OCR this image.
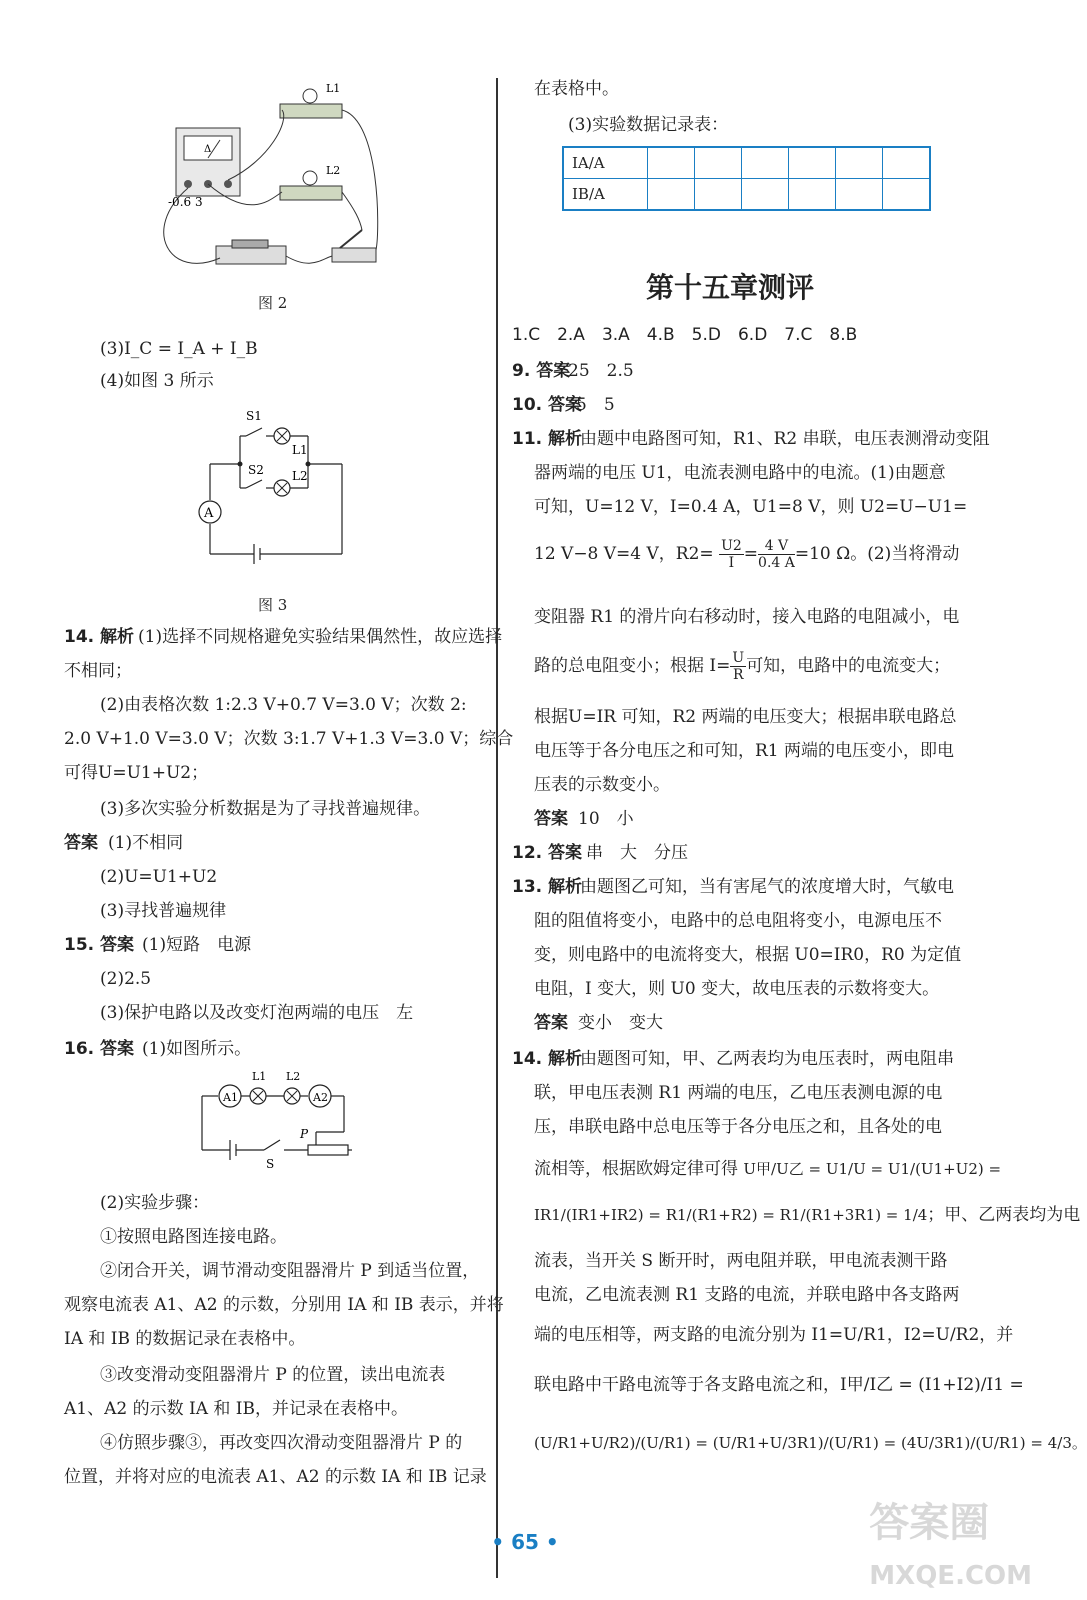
L1
L2
Δ
-0.6 3
图 2
(3)I_C = I_A + I_B
(4)如图 3 所示
S1
S2
L1
L2
A
图 3
14. 解析 (1)选择不同规格避免实验结果偶然性，故应选择
不相同；
(2)由表格次数 1:2.3 V+0.7 V=3.0 V；次数 2:
2.0 V+1.0 V=3.0 V；次数 3:1.7 V+1.3 V=3.0 V；综合
可得U=U1+U2；
(3)多次实验分析数据是为了寻找普遍规律。
答案 (1)不相同
(2)U=U1+U2
(3)寻找普遍规律
15. 答案 (1)短路　电源
(2)2.5
(3)保护电路以及改变灯泡两端的电压　左
16. 答案 (1)如图所示。
A1	A2
L1 L2
P
S
(2)实验步骤：
①按照电路图连接电路。
②闭合开关，调节滑动变阻器滑片 P 到适当位置，
观察电流表 A1、A2 的示数，分别用 IA 和 IB 表示，并将
IA 和 IB 的数据记录在表格中。
③改变滑动变阻器滑片 P 的位置，读出电流表
A1、A2 的示数 IA 和 IB，并记录在表格中。
④仿照步骤③，再改变四次滑动变阻器滑片 P 的
位置，并将对应的电流表 A1、A2 的示数 IA 和 IB 记录
在表格中。
(3)实验数据记录表：
IA/A						
IB/A						
第十五章测评
1.C　2.A　3.A　4.B　5.D　6.D　7.C　8.B
9. 答案
25　2.5
10. 答案
5　5
11. 解析
由题中电路图可知，R1、R2 串联，电压表测滑动变阻
器两端的电压 U1，电流表测电路中的电流。(1)由题意
可知，U=12 V，I=0.4 A，U1=8 V，则 U2=U−U1=
12 V−8 V=4 V，$R2= \frac{U2}{I} = \frac{4 V}{0.4 A} =10$ Ω。(2)当将滑动
变阻器 R1 的滑片向右移动时，接入电路的电阻减小，电
路的总电阻变小；根据 $I= \frac{U}{R}$ 可知，电路中的电流变大；
根据U=IR 可知，R2 两端的电压变大；根据串联电路总
电压等于各分电压之和可知，R1 两端的电压变小，即电
压表的示数变小。
答案 10　小
12. 答案 串　大　分压
13. 解析
由题图乙可知，当有害尾气的浓度增大时，气敏电
阻的阻值将变小，电路中的总电阻将变小，电源电压不
变，则电路中的电流将变大，根据 U0=IR0，R0 为定值
电阻，I 变大，则 U0 变大，故电压表的示数将变大。
答案 变小　变大
14. 解析
由题图可知，甲、乙两表均为电压表时，两电阻串
联，甲电压表测 R1 两端的电压，乙电压表测电源的电
压，串联电路中总电压等于各分电压之和，且各处的电
流相等，根据欧姆定律可得 U甲/U乙 = U1/U = U1/(U1+U2) =
IR1/(IR1+IR2) = R1/(R1+R2) = R1/(R1+3R1) = 1/4；甲、乙两表均为电
流表，当开关 S 断开时，两电阻并联，甲电流表测干路
电流，乙电流表测 R1 支路的电流，并联电路中各支路两
端的电压相等，两支路的电流分别为 I1=U/R1，I2=U/R2，并
联电路中干路电流等于各支路电流之和，I甲/I乙 = (I1+I2)/I1 =
(U/R1+U/R2)/(U/R1) = (U/R1+U/3R1)/(U/R1) = (4U/3R1)/(U/R1) = 4/3。
• 65 •	答案圈
MXQE.COM
